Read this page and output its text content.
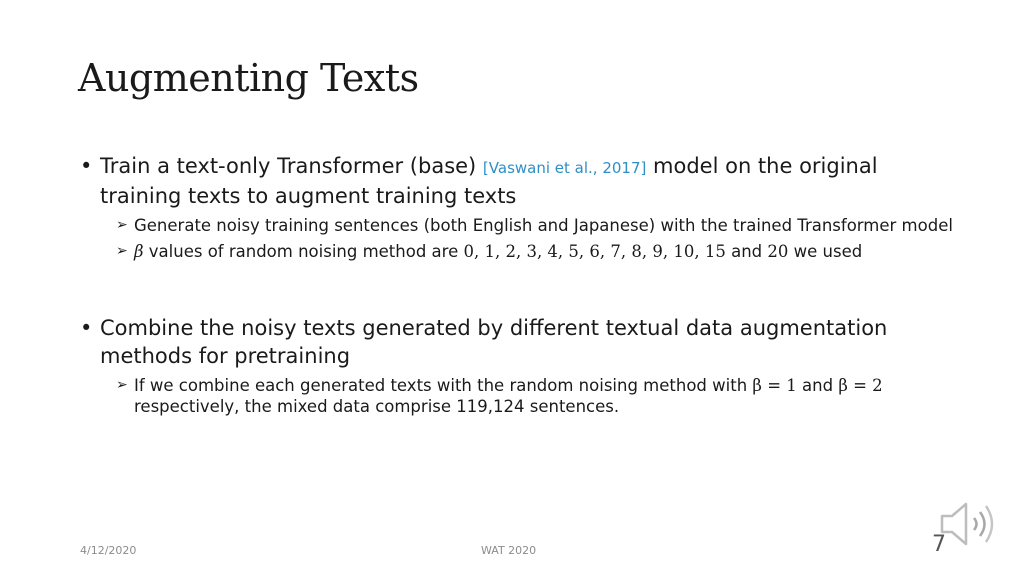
Augmenting Texts
• Train a text-only Transformer (base) [Vaswani et al., 2017] model on the original training texts to augment training texts
➢ Generate noisy training sentences (both English and Japanese) with the trained Transformer model
➢ β values of random noising method are 0, 1, 2, 3, 4, 5, 6, 7, 8, 9, 10, 15 and 20 we used
• Combine the noisy texts generated by different textual data augmentation methods for pretraining
➢ If we combine each generated texts with the random noising method with β = 1 and β = 2 respectively, the mixed data comprise 119,124 sentences.
4/12/2020	WAT 2020	7
